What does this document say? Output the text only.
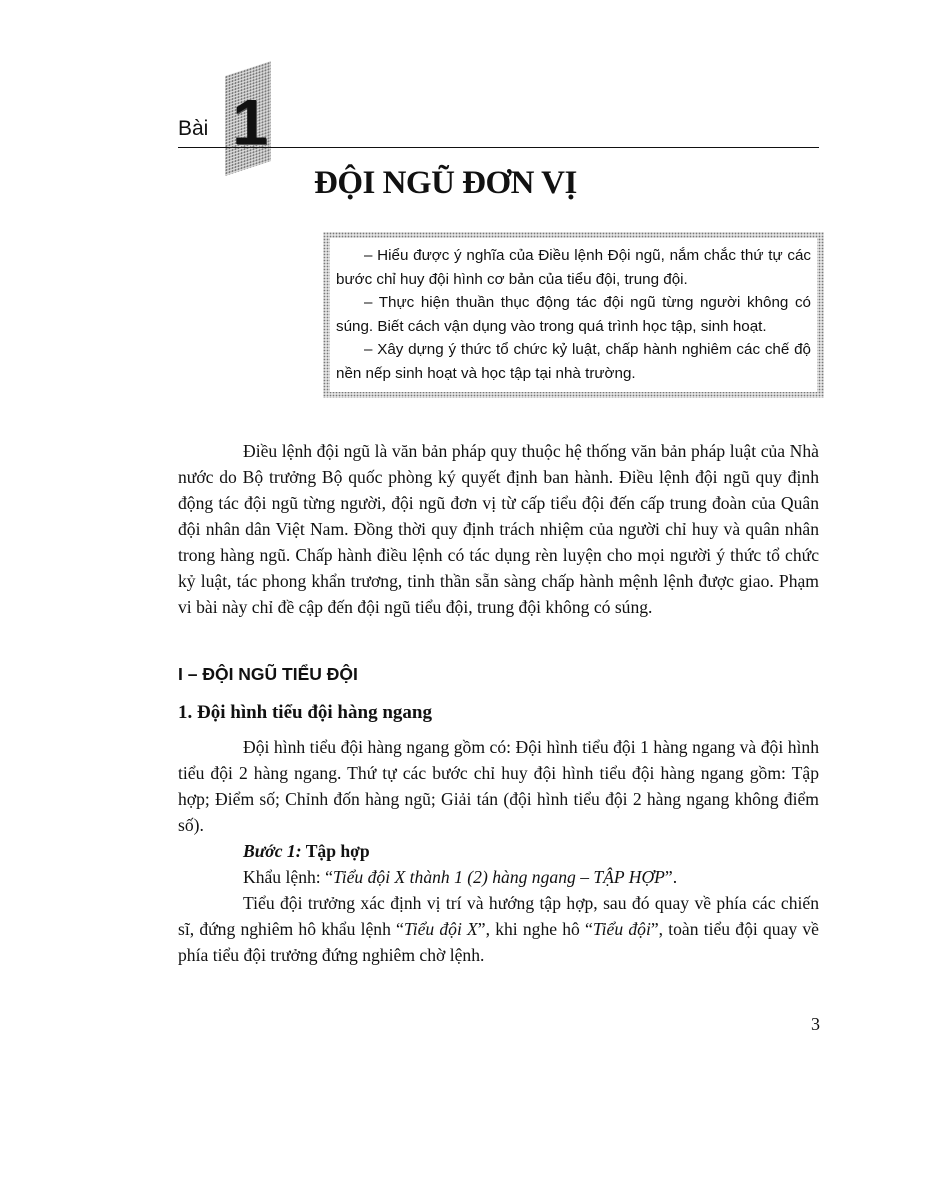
Bài 1
ĐỘI NGŨ ĐƠN VỊ

– Hiểu được ý nghĩa của Điều lệnh Đội ngũ, nắm chắc thứ tự các bước chỉ huy đội hình cơ bản của tiểu đội, trung đội.

– Thực hiện thuần thục động tác đội ngũ từng người không có súng. Biết cách vận dụng vào trong quá trình học tập, sinh hoạt.

– Xây dựng ý thức tổ chức kỷ luật, chấp hành nghiêm các chế độ nền nếp sinh hoạt và học tập tại nhà trường.

Điều lệnh đội ngũ là văn bản pháp quy thuộc hệ thống văn bản pháp luật của Nhà nước do Bộ trưởng Bộ quốc phòng ký quyết định ban hành. Điều lệnh đội ngũ quy định động tác đội ngũ từng người, đội ngũ đơn vị từ cấp tiểu đội đến cấp trung đoàn của Quân đội nhân dân Việt Nam. Đồng thời quy định trách nhiệm của người chỉ huy và quân nhân trong hàng ngũ. Chấp hành điều lệnh có tác dụng rèn luyện cho mọi người ý thức tổ chức kỷ luật, tác phong khẩn trương, tinh thần sẵn sàng chấp hành mệnh lệnh được giao. Phạm vi bài này chỉ đề cập đến đội ngũ tiểu đội, trung đội không có súng.

I – ĐỘI NGŨ TIỂU ĐỘI
1. Đội hình tiểu đội hàng ngang

Đội hình tiểu đội hàng ngang gồm có: Đội hình tiểu đội 1 hàng ngang và đội hình tiểu đội 2 hàng ngang. Thứ tự các bước chỉ huy đội hình tiểu đội hàng ngang gồm: Tập hợp; Điểm số; Chỉnh đốn hàng ngũ; Giải tán (đội hình tiểu đội 2 hàng ngang không điểm số).

Bước 1: Tập hợp

Khẩu lệnh: “Tiểu đội X thành 1 (2) hàng ngang – TẬP HỢP”.

Tiểu đội trưởng xác định vị trí và hướng tập hợp, sau đó quay về phía các chiến sĩ, đứng nghiêm hô khẩu lệnh “Tiểu đội X”, khi nghe hô “Tiểu đội”, toàn tiểu đội quay về phía tiểu đội trưởng đứng nghiêm chờ lệnh.

3
